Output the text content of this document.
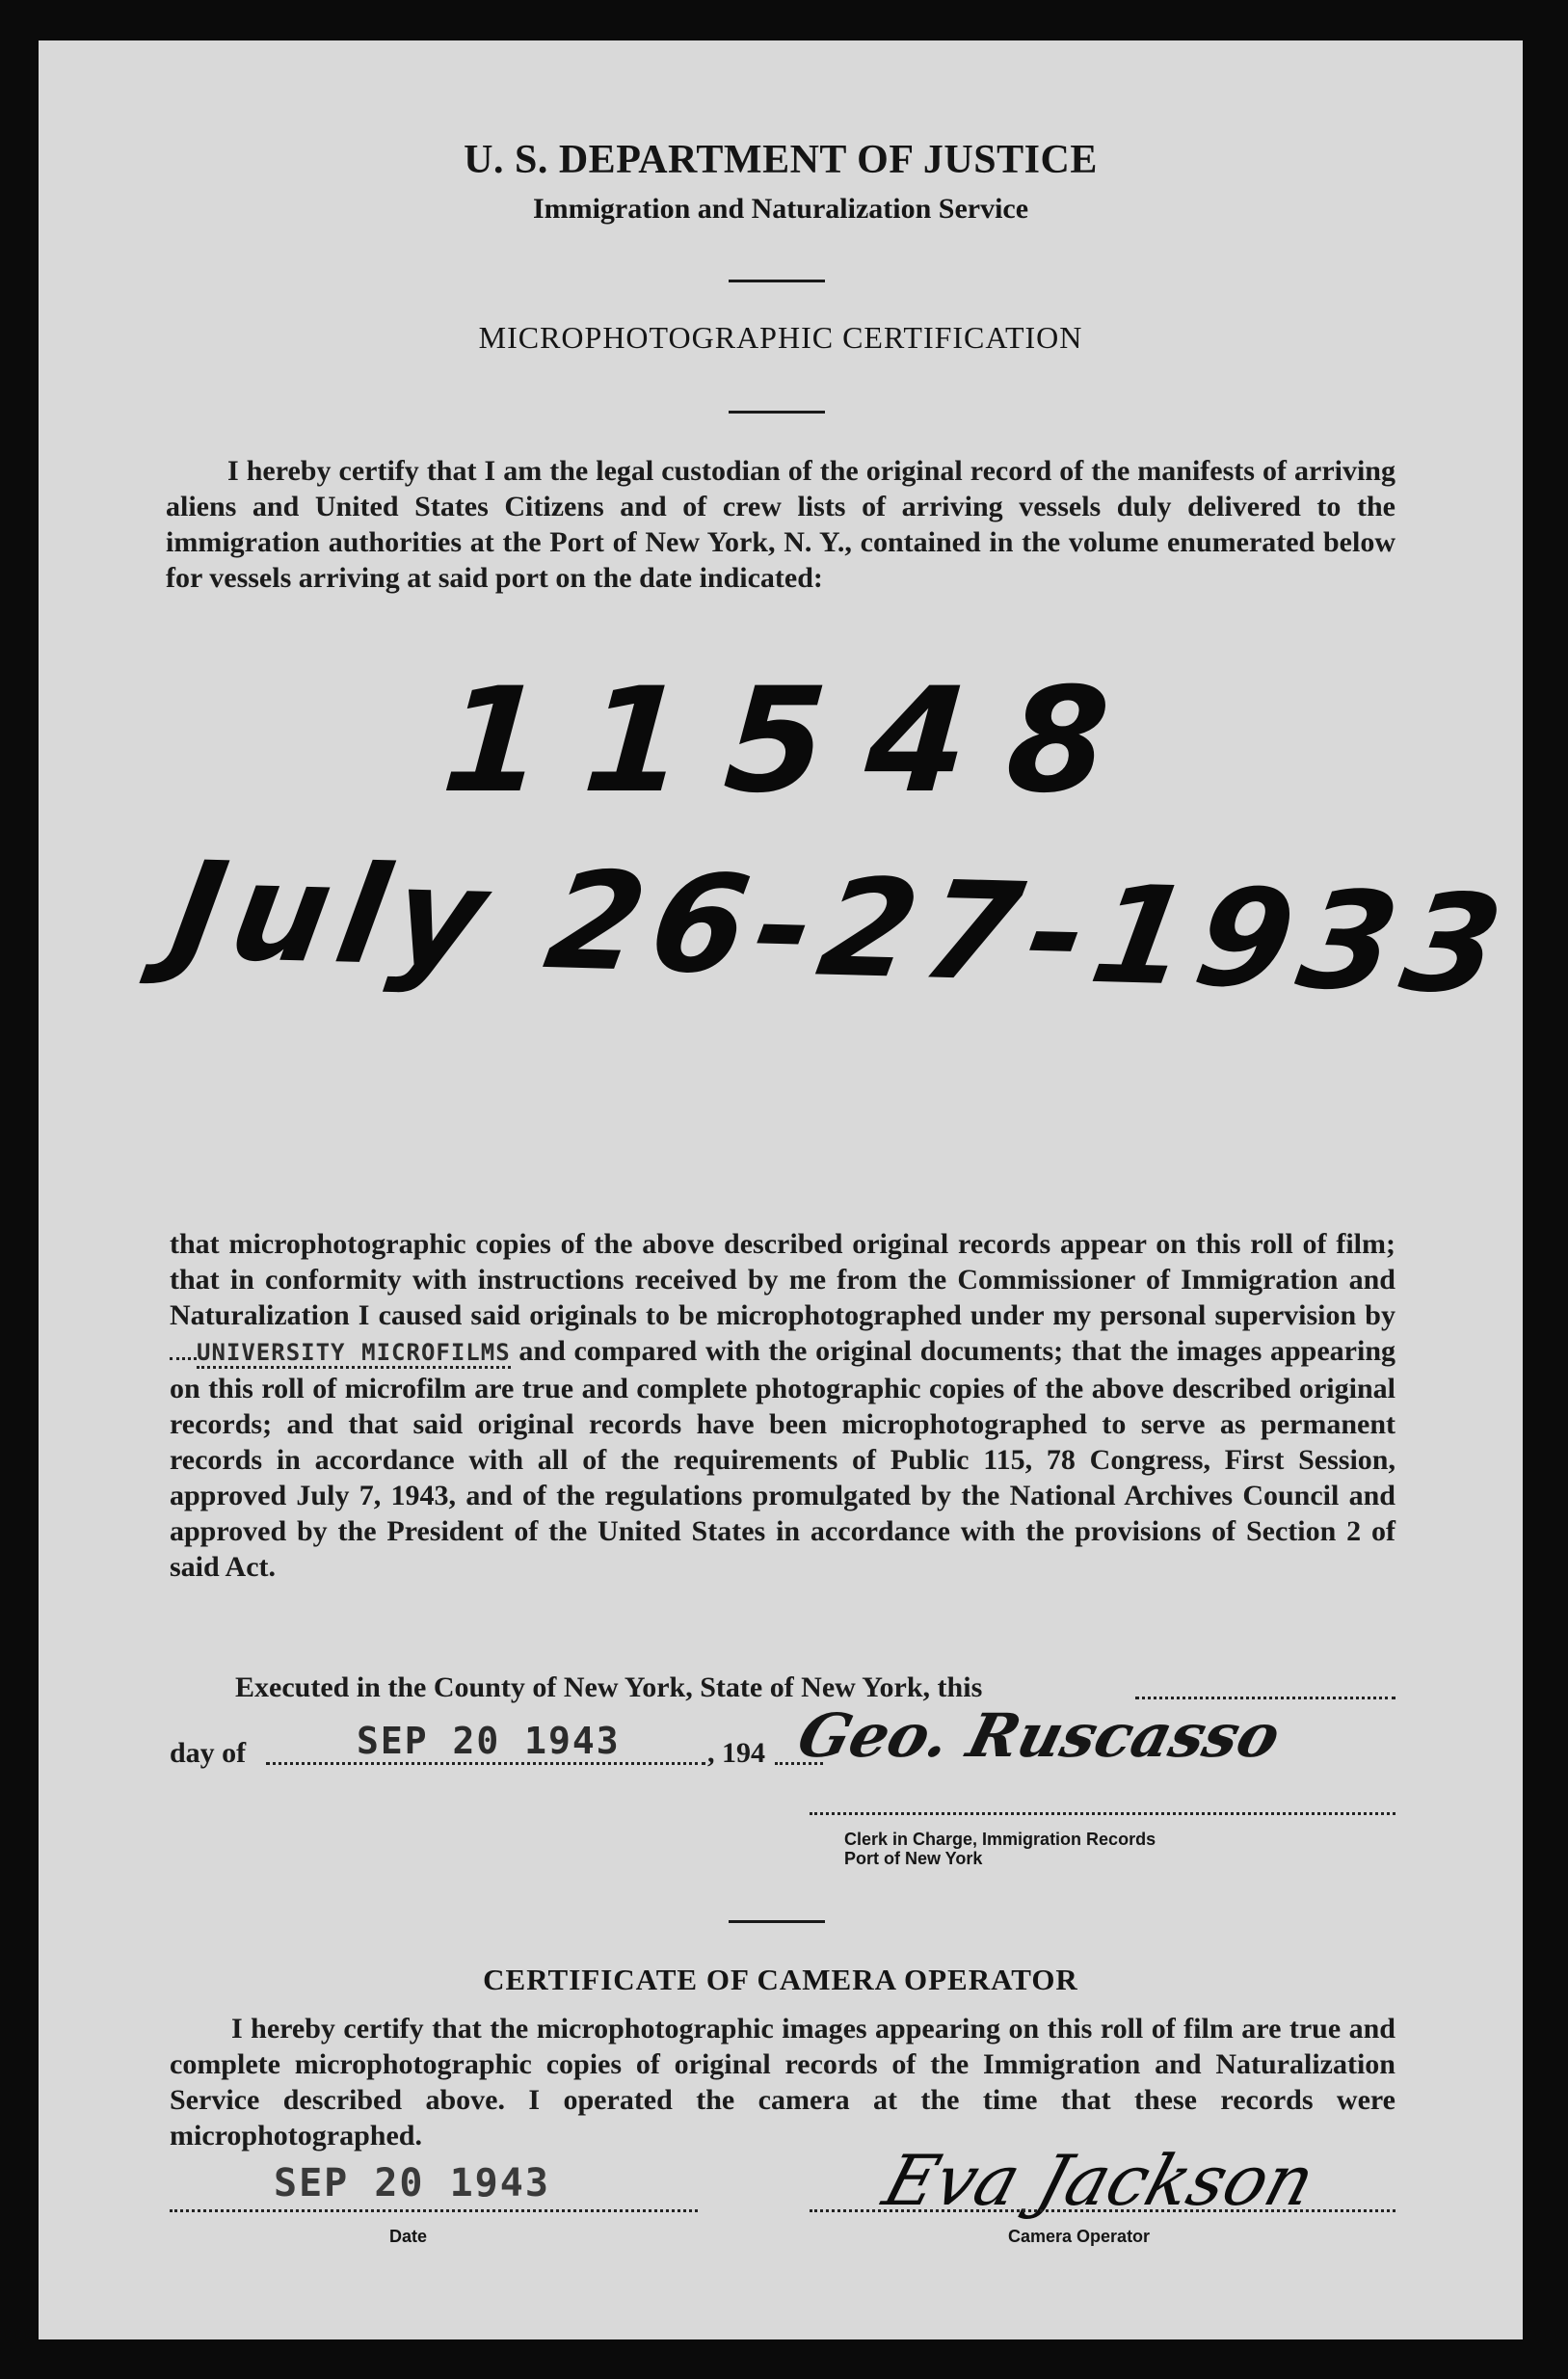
U. S. DEPARTMENT OF JUSTICE
Immigration and Naturalization Service
MICROPHOTOGRAPHIC CERTIFICATION
I hereby certify that I am the legal custodian of the original record of the manifests of arriving aliens and United States Citizens and of crew lists of arriving vessels duly delivered to the immigration authorities at the Port of New York, N. Y., contained in the volume enumerated below for vessels arriving at said port on the date indicated:
11548
July 26-27-1933
that microphotographic copies of the above described original records appear on this roll of film; that in conformity with instructions received by me from the Commissioner of Immigration and Naturalization I caused said originals to be microphotographed under my personal supervision byUNIVERSITY MICROFILMS and compared with the original documents; that the images appearing on this roll of microfilm are true and complete photographic copies of the above described original records; and that said original records have been microphotographed to serve as permanent records in accordance with all of the requirements of Public 115, 78 Congress, First Session, approved July 7, 1943, and of the regulations promulgated by the National Archives Council and approved by the President of the United States in accordance with the provisions of Section 2 of said Act.
Executed in the County of New York, State of New York, this
day of	SEP 20 1943	, 194 Geo. Ruscasso
Clerk in Charge, Immigration Records
Port of New York
CERTIFICATE OF CAMERA OPERATOR
I hereby certify that the microphotographic images appearing on this roll of film are true and complete microphotographic copies of original records of the Immigration and Naturalization Service described above. I operated the camera at the time that these records were microphotographed.
SEP 20 1943
Date
Eva Jackson
Camera Operator
